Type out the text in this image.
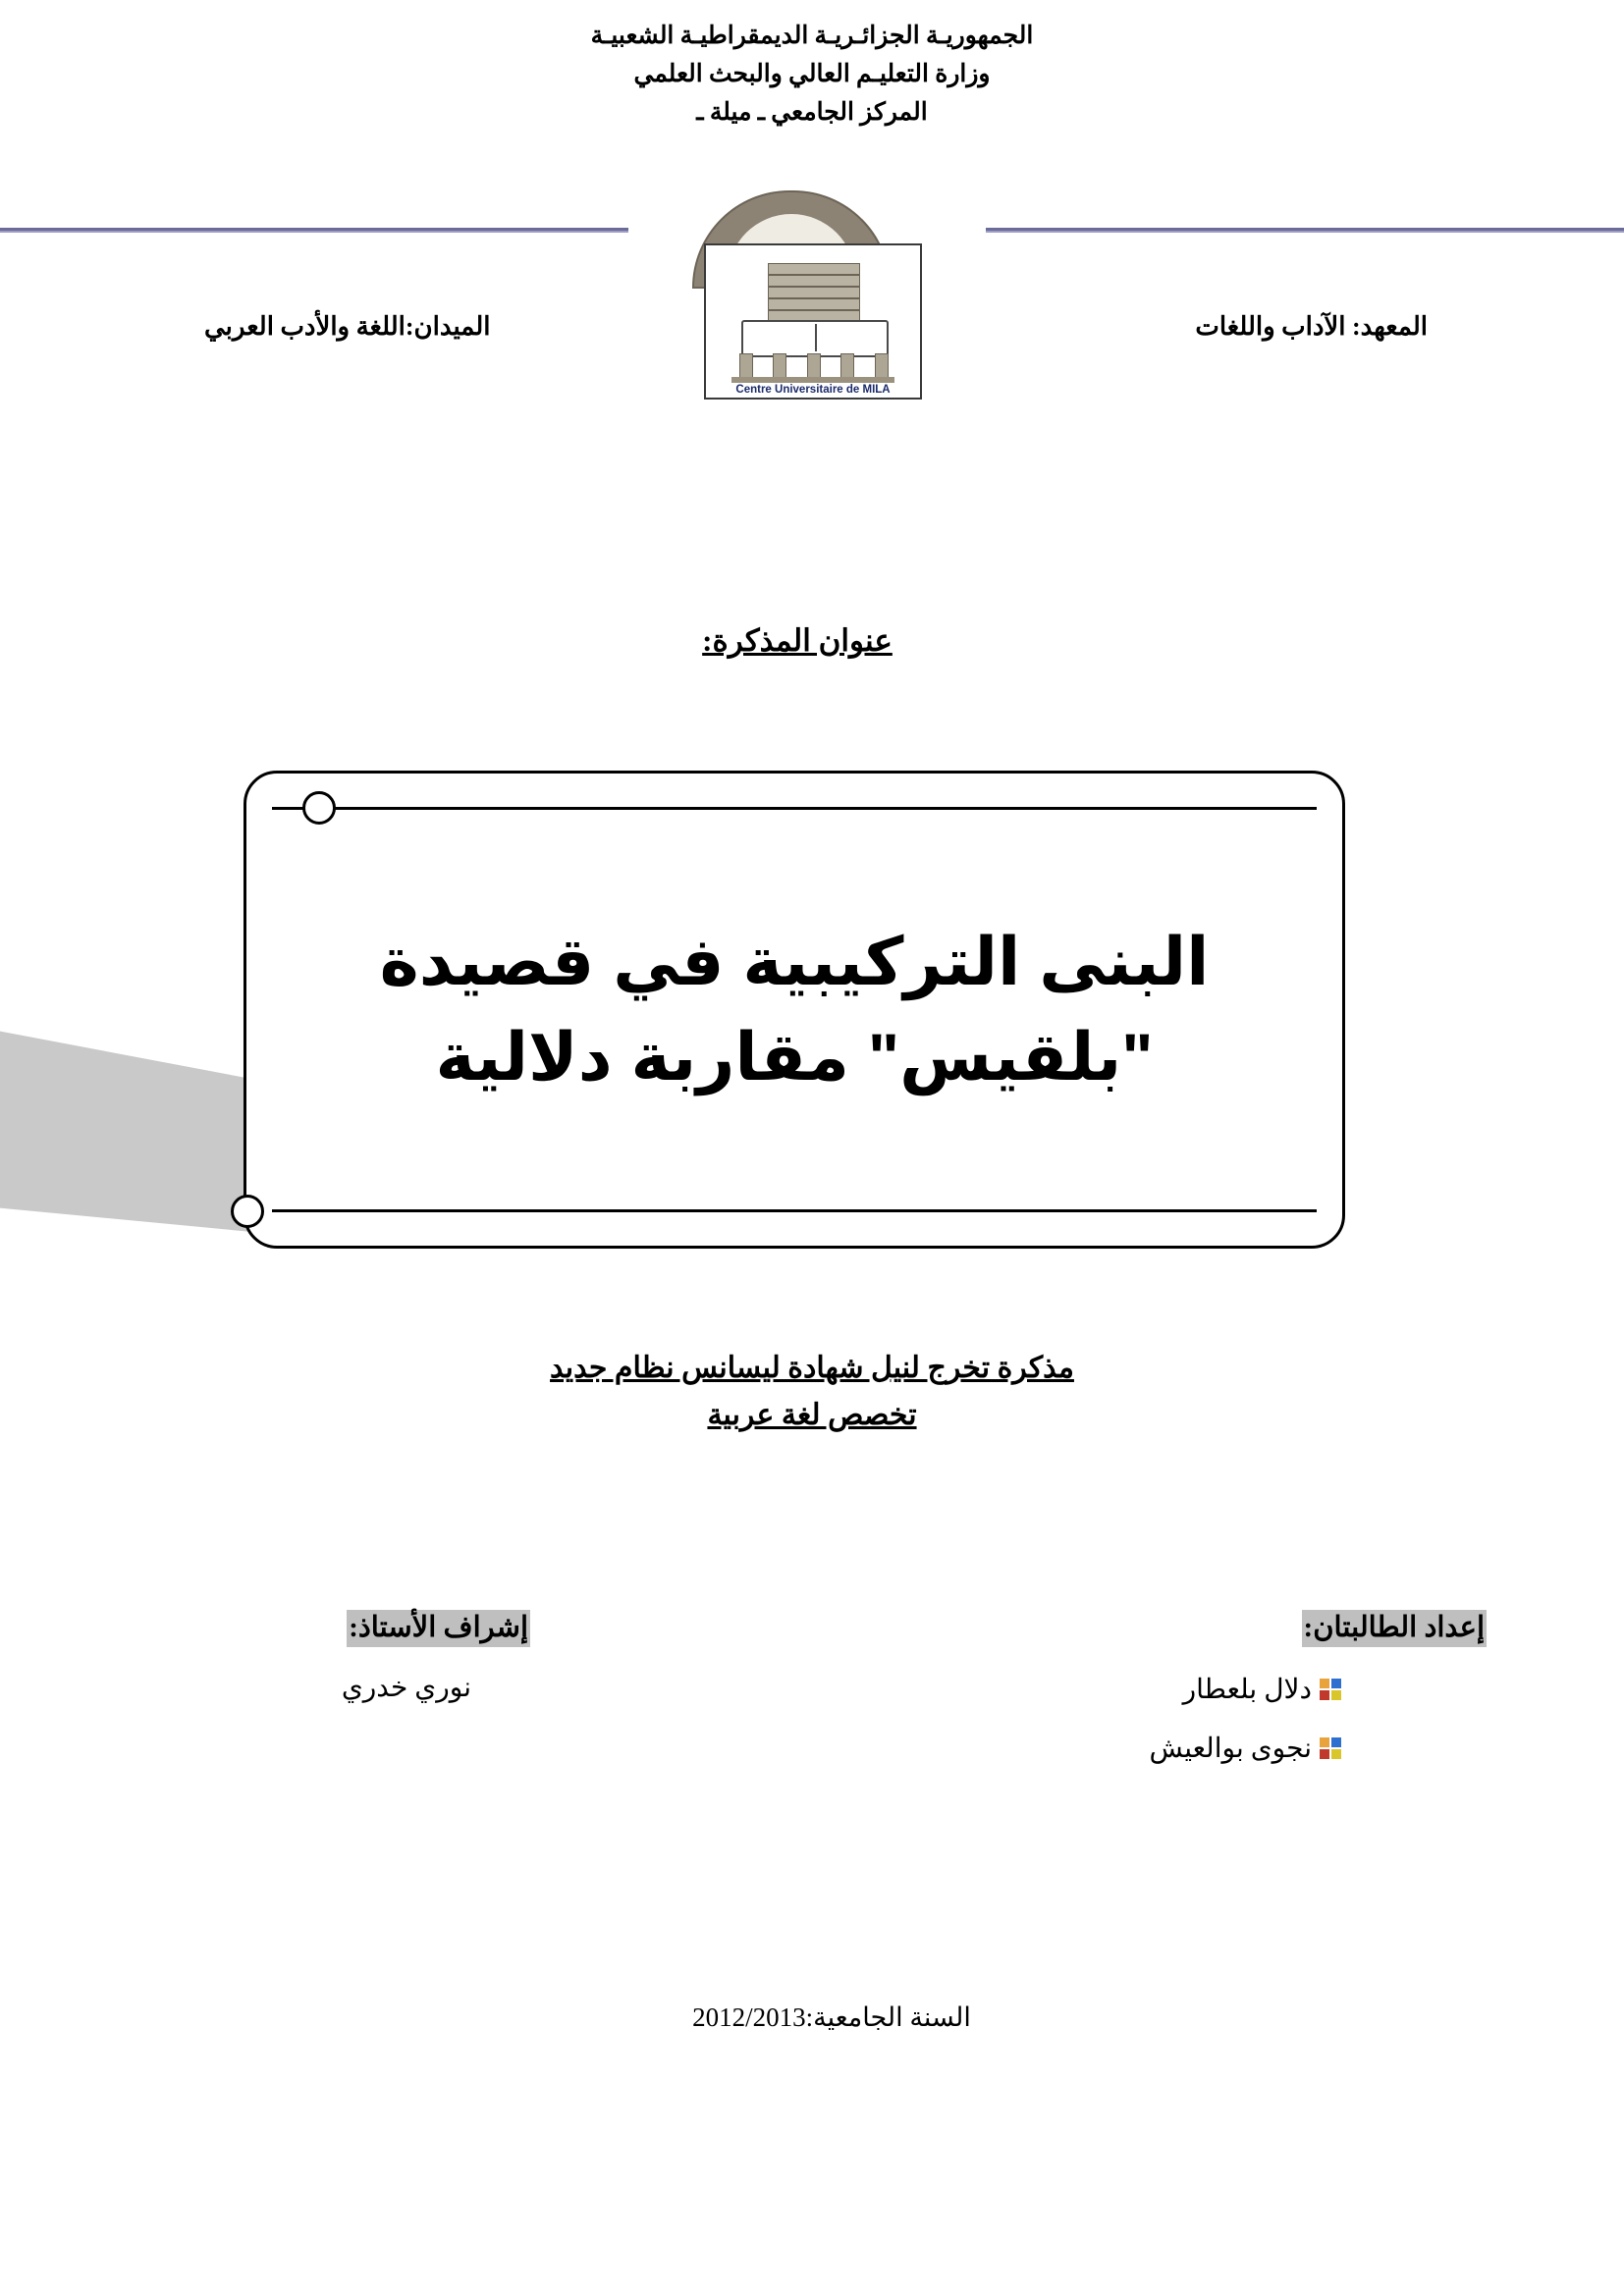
الجمهوريـة الجزائـريـة الديمقراطيـة الشعبيـة
وزارة التعليـم العالي والبحث العلمي
المركز الجامعي ـ ميلة ـ
Centre Universitaire de MILA
المعهد: الآداب واللغات
الميدان:اللغة والأدب العربي
عنوان المذكرة:
البنى التركيبية في قصيدة
"بلقيس" مقاربة دلالية
مذكرة تخرج لنيل شهادة ليسانس نظام جديد
تخصص لغة عربية
إعداد الطالبتان:
دلال بلعطار
نجوى بوالعيش
إشراف الأستاذ:
نوري خدري
السنة الجامعية:2012/2013
